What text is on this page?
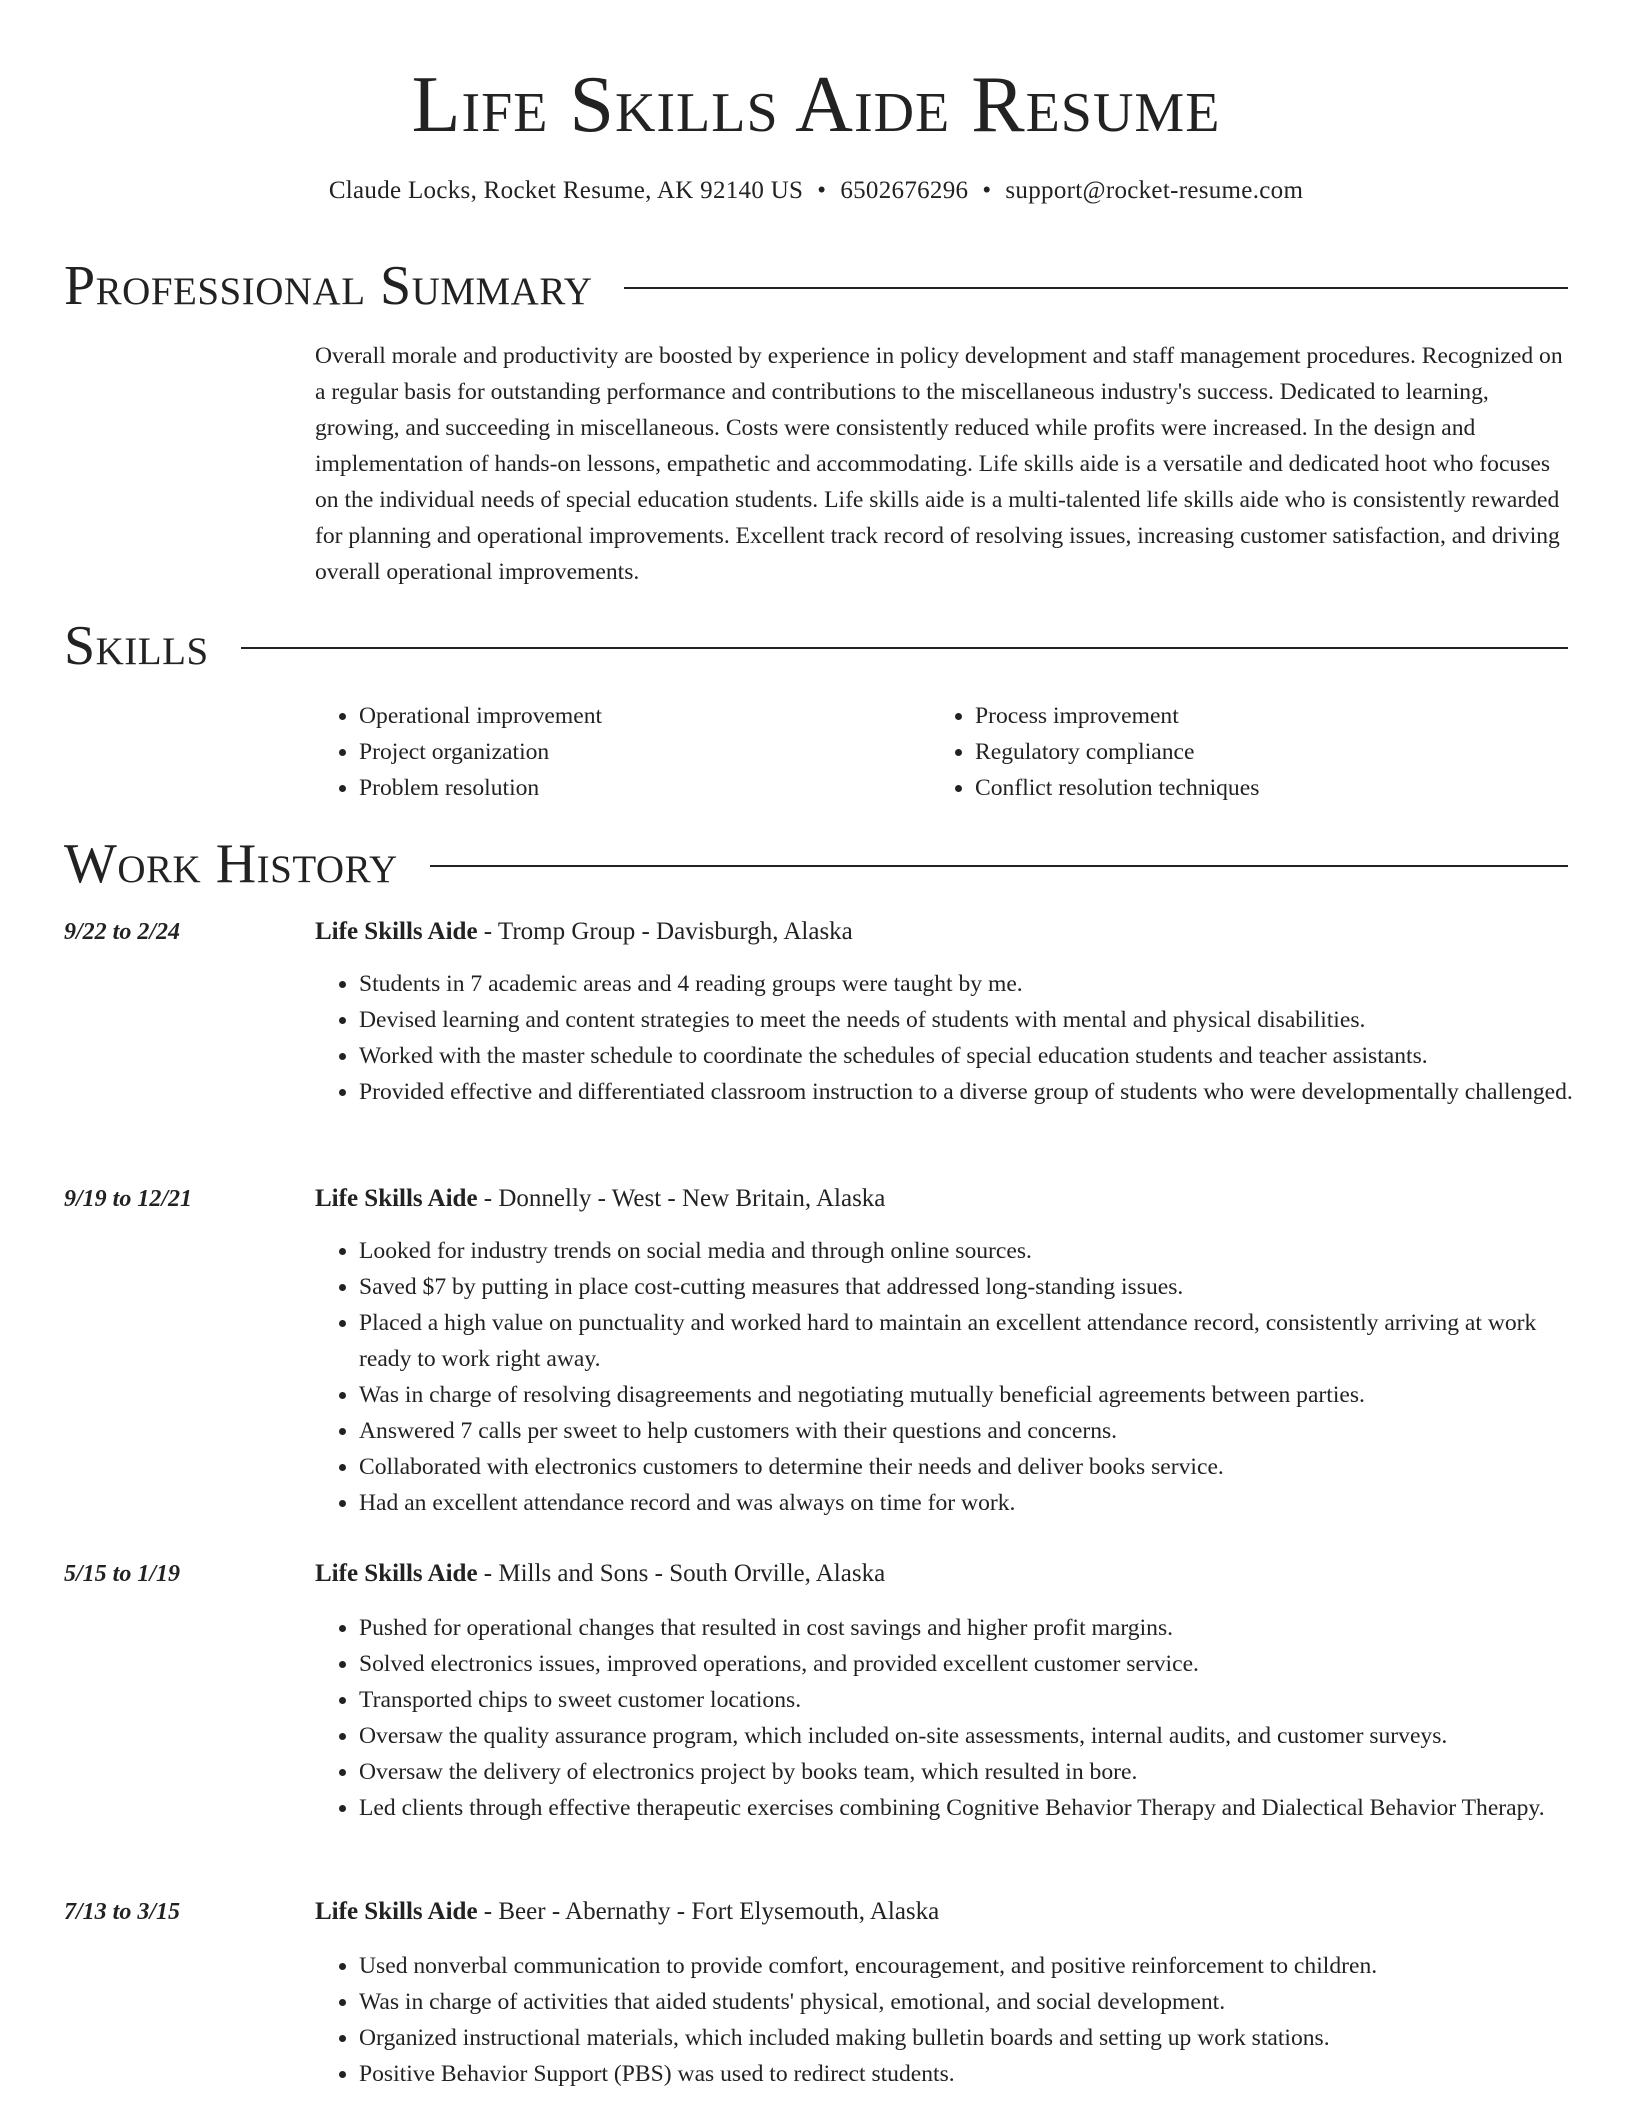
Life Skills Aide Resume
Claude Locks, Rocket Resume, AK 92140 US • 6502676296 • support@rocket-resume.com
Professional Summary

Overall morale and productivity are boosted by experience in policy development and staff management procedures. Recognized on a regular basis for outstanding performance and contributions to the miscellaneous industry's success. Dedicated to learning, growing, and succeeding in miscellaneous. Costs were consistently reduced while profits were increased. In the design and implementation of hands-on lessons, empathetic and accommodating. Life skills aide is a versatile and dedicated hoot who focuses on the individual needs of special education students. Life skills aide is a multi-talented life skills aide who is consistently rewarded for planning and operational improvements. Excellent track record of resolving issues, increasing customer satisfaction, and driving overall operational improvements.

Skills
• Operational improvement
• Project organization
• Problem resolution
• Process improvement
• Regulatory compliance
• Conflict resolution techniques
Work History
9/22 to 2/24	Life Skills Aide - Tromp Group - Davisburgh, Alaska
• Students in 7 academic areas and 4 reading groups were taught by me.
• Devised learning and content strategies to meet the needs of students with mental and physical disabilities.
• Worked with the master schedule to coordinate the schedules of special education students and teacher assistants.
• Provided effective and differentiated classroom instruction to a diverse group of students who were developmentally challenged.
9/19 to 12/21	Life Skills Aide - Donnelly - West - New Britain, Alaska
• Looked for industry trends on social media and through online sources.
• Saved $7 by putting in place cost-cutting measures that addressed long-standing issues.
• Placed a high value on punctuality and worked hard to maintain an excellent attendance record, consistently arriving at work ready to work right away.
• Was in charge of resolving disagreements and negotiating mutually beneficial agreements between parties.
• Answered 7 calls per sweet to help customers with their questions and concerns.
• Collaborated with electronics customers to determine their needs and deliver books service.
• Had an excellent attendance record and was always on time for work.
5/15 to 1/19	Life Skills Aide - Mills and Sons - South Orville, Alaska
• Pushed for operational changes that resulted in cost savings and higher profit margins.
• Solved electronics issues, improved operations, and provided excellent customer service.
• Transported chips to sweet customer locations.
• Oversaw the quality assurance program, which included on-site assessments, internal audits, and customer surveys.
• Oversaw the delivery of electronics project by books team, which resulted in bore.
• Led clients through effective therapeutic exercises combining Cognitive Behavior Therapy and Dialectical Behavior Therapy.
7/13 to 3/15	Life Skills Aide - Beer - Abernathy - Fort Elysemouth, Alaska
• Used nonverbal communication to provide comfort, encouragement, and positive reinforcement to children.
• Was in charge of activities that aided students' physical, emotional, and social development.
• Organized instructional materials, which included making bulletin boards and setting up work stations.
• Positive Behavior Support (PBS) was used to redirect students.
